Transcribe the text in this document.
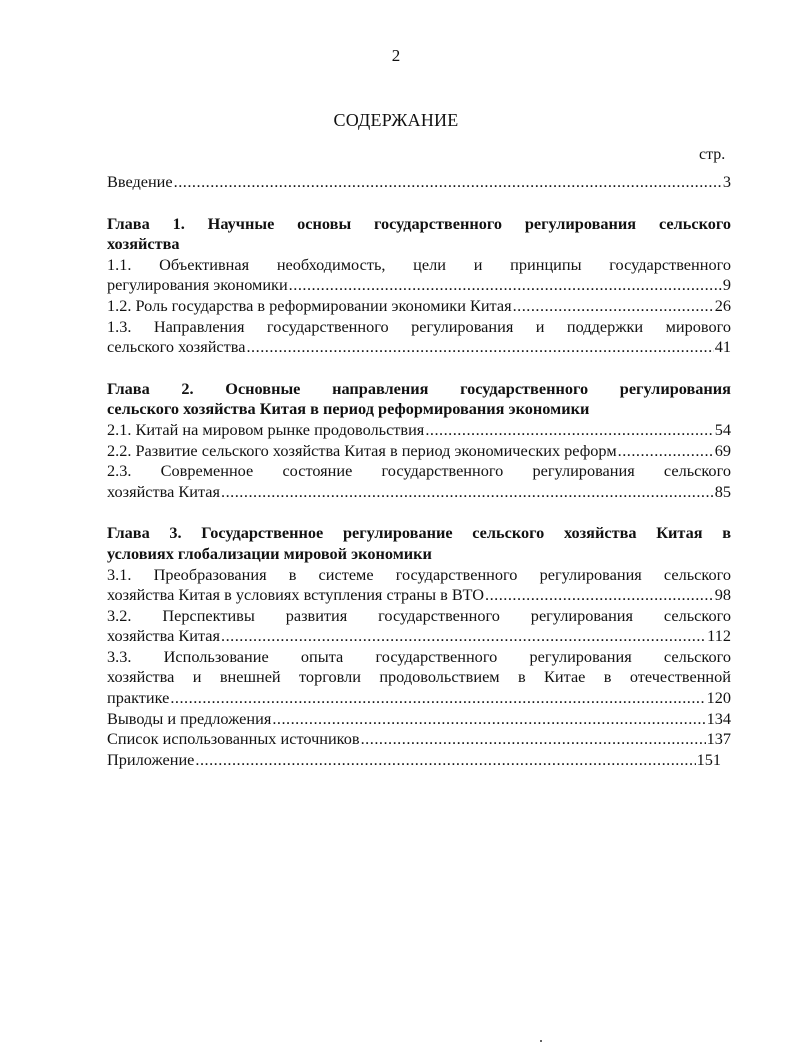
2
СОДЕРЖАНИЕ
стр.
Введение .....	3
Глава 1. Научные основы государственного регулирования сельского
хозяйства
1.1. Объективная необходимость, цели и принципы государственного
регулирования экономики .....	9
1.2. Роль государства в реформировании экономики Китая .....	26
1.3. Направления государственного регулирования и поддержки мирового
сельского хозяйства .....	41
Глава 2. Основные направления государственного регулирования
сельского хозяйства Китая в период реформирования экономики
2.1. Китай на мировом рынке продовольствия .....	54
2.2. Развитие сельского хозяйства Китая в период экономических реформ .....	69
2.3. Современное состояние государственного регулирования сельского
хозяйства Китая .....	85
Глава 3. Государственное регулирование сельского хозяйства Китая в
условиях глобализации мировой экономики
3.1. Преобразования в системе государственного регулирования сельского
хозяйства Китая в условиях вступления страны в ВТО .....	98
3.2. Перспективы развития государственного регулирования сельского
хозяйства Китая .....	112
3.3. Использование опыта государственного регулирования сельского
хозяйства и внешней торговли продовольствием в Китае в отечественной
практике .....	120
Выводы и предложения .....	134
Список использованных источников .....	137
Приложение .....	151
